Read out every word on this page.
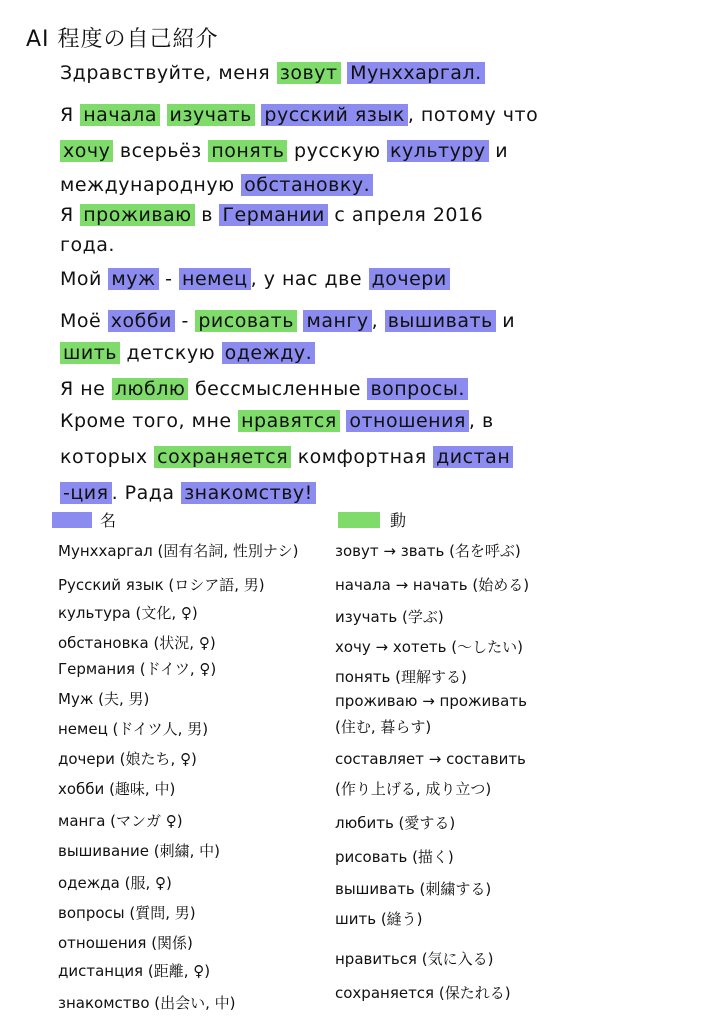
AI 程度の自己紹介
Здравствуйте, меня зовут Мунххаргал.
Я начала изучать русский язык , потому что
хочу всерьёз понять русскую культуру и
международную обстановку.
Я проживаю в Германии с апреля 2016
года.
Мой муж - немец , у нас две дочери
Моё хобби - рисовать мангу , вышивать и
шить детскую одежду.
Я не люблю бессмысленные вопросы.
Кроме того, мне нравятся отношения , в
которых сохраняется комфортная дистан
-ция . Рада знакомству!
名	動
Мунххаргал (固有名詞, 性別ナシ)
Русский язык (ロシア語, 男)
культура (文化, ♀)
обстановка (状況, ♀)
Германия (ドイツ, ♀)
Муж (夫, 男)
немец (ドイツ人, 男)
дочери (娘たち, ♀)
хобби (趣味, 中)
манга (マンガ ♀)
вышивание (刺繍, 中)
одежда (服, ♀)
вопросы (質問, 男)
отношения (関係)
дистанция (距離, ♀)
знакомство (出会い, 中)
зовут → звать (名を呼ぶ)
начала → начать (始める)
изучать (学ぶ)
хочу → хотеть (〜したい)
понять (理解する)
проживаю → проживать
(住む, 暮らす)
составляет → составить
(作り上げる, 成り立つ)
любить (愛する)
рисовать (描く)
вышивать (刺繍する)
шить (縫う)
нравиться (気に入る)
сохраняется (保たれる)
